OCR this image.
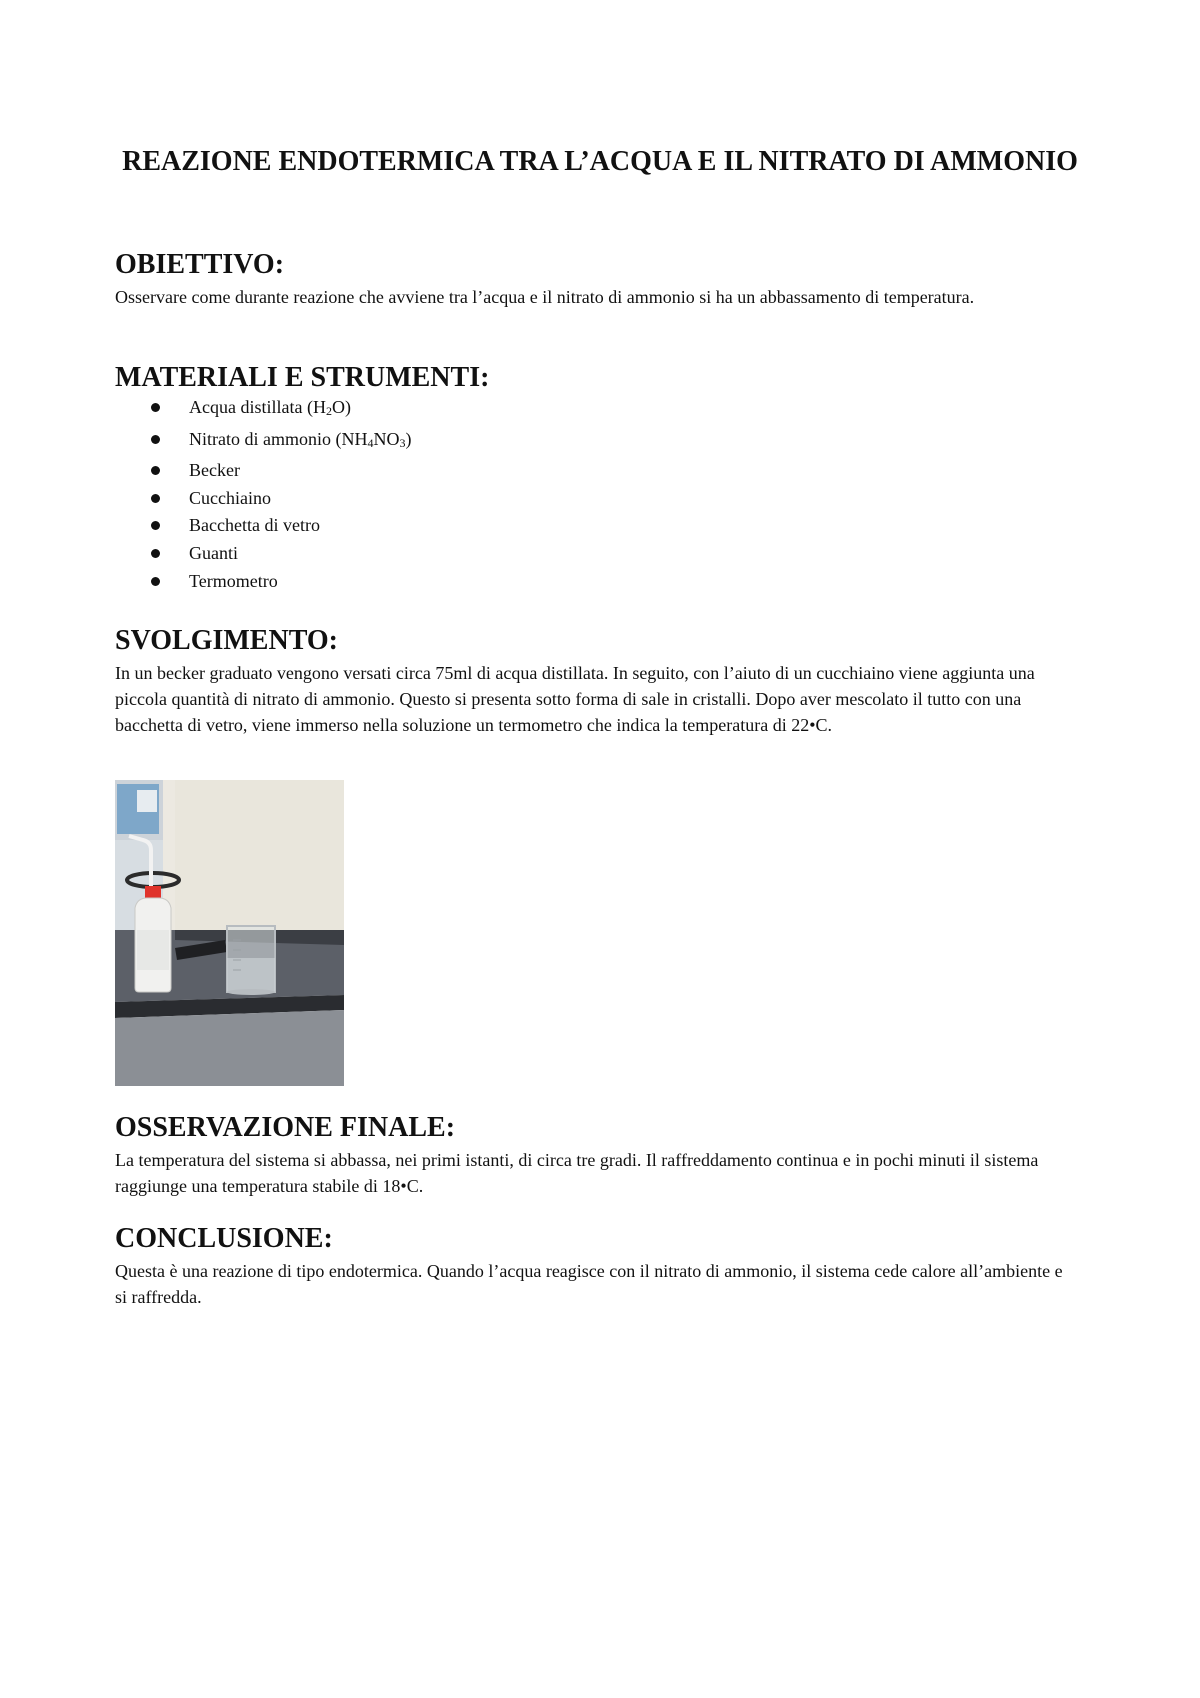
REAZIONE ENDOTERMICA TRA L’ACQUA E IL NITRATO DI AMMONIO
OBIETTIVO:

Osservare come durante reazione che avviene tra l’acqua e il nitrato di ammonio si ha un abbassamento di temperatura.

MATERIALI E STRUMENTI:
Acqua distillata $(H_2O)$
Nitrato di ammonio $(NH_4NO_3)$
Becker
Cucchiaino
Bacchetta di vetro
Guanti
Termometro
SVOLGIMENTO:

In un becker graduato vengono versati circa 75ml di acqua distillata. In seguito, con l’aiuto di un cucchiaino viene aggiunta una piccola quantità di nitrato di ammonio. Questo si presenta sotto forma di sale in cristalli. Dopo aver mescolato il tutto con una bacchetta di vetro, viene immerso nella soluzione un termometro che indica la temperatura di 22•C.

OSSERVAZIONE FINALE:

La temperatura del sistema si abbassa, nei primi istanti, di circa tre gradi. Il raffreddamento continua e in pochi minuti il sistema raggiunge una temperatura stabile di 18•C.

CONCLUSIONE:

Questa è una reazione di tipo endotermica. Quando l’acqua reagisce con il nitrato di ammonio, il sistema cede calore all’ambiente e si raffredda.
